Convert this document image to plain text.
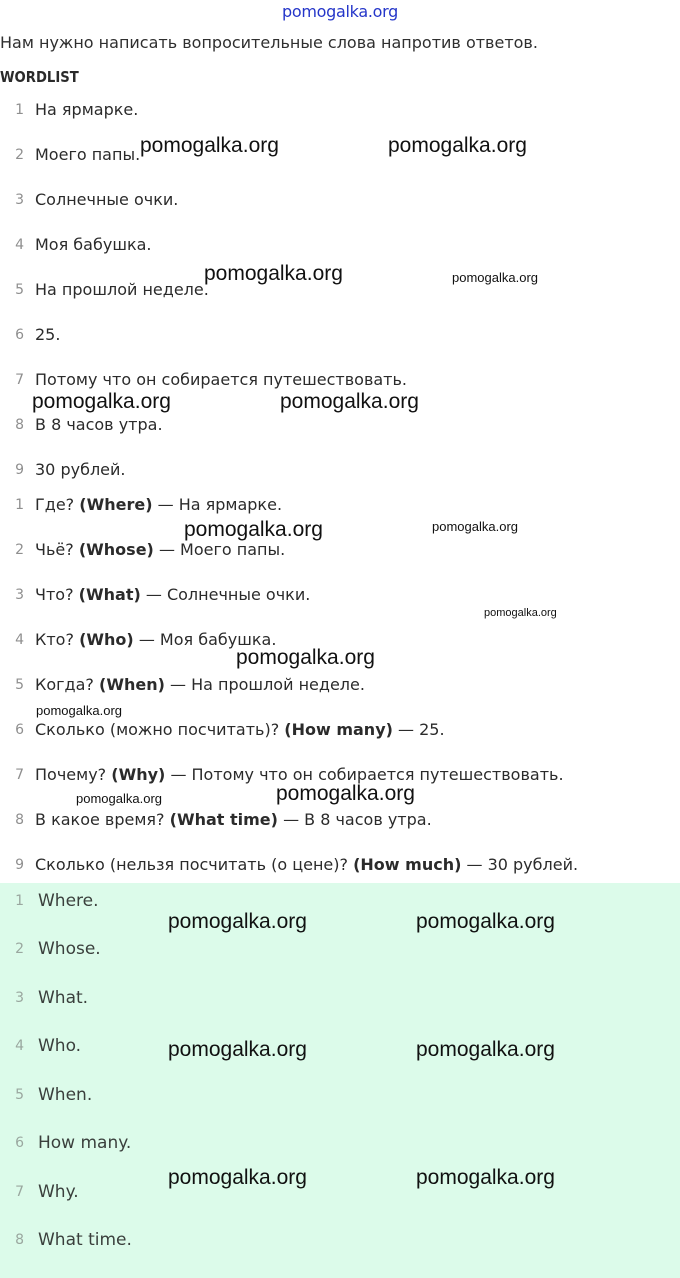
pomogalka.org
Нам нужно написать вопросительные слова напротив ответов.
WORDLIST
1 На ярмарке.
2 Моего папы.
3 Солнечные очки.
4 Моя бабушка.
5 На прошлой неделе.
6 25.
7 Потому что он собирается путешествовать.
8 В 8 часов утра.
9 30 рублей.
1 Где? (Where) — На ярмарке.
2 Чьё? (Whose) — Моего папы.
3 Что? (What) — Солнечные очки.
4 Кто? (Who) — Моя бабушка.
5 Когда? (When) — На прошлой неделе.
6 Сколько (можно посчитать)? (How many) — 25.
7 Почему? (Why) — Потому что он собирается путешествовать.
8 В какое время? (What time) — В 8 часов утра.
9 Сколько (нельзя посчитать (о цене)? (How much) — 30 рублей.
1 Where.
2 Whose.
3 What.
4 Who.
5 When.
6 How many.
7 Why.
8 What time.
pomogalka.org	pomogalka.org
pomogalka.org	pomogalka.org
pomogalka.org	pomogalka.org
pomogalka.org	pomogalka.org
pomogalka.org
pomogalka.org
pomogalka.org
pomogalka.org	pomogalka.org
pomogalka.org	pomogalka.org
pomogalka.org	pomogalka.org
pomogalka.org	pomogalka.org
